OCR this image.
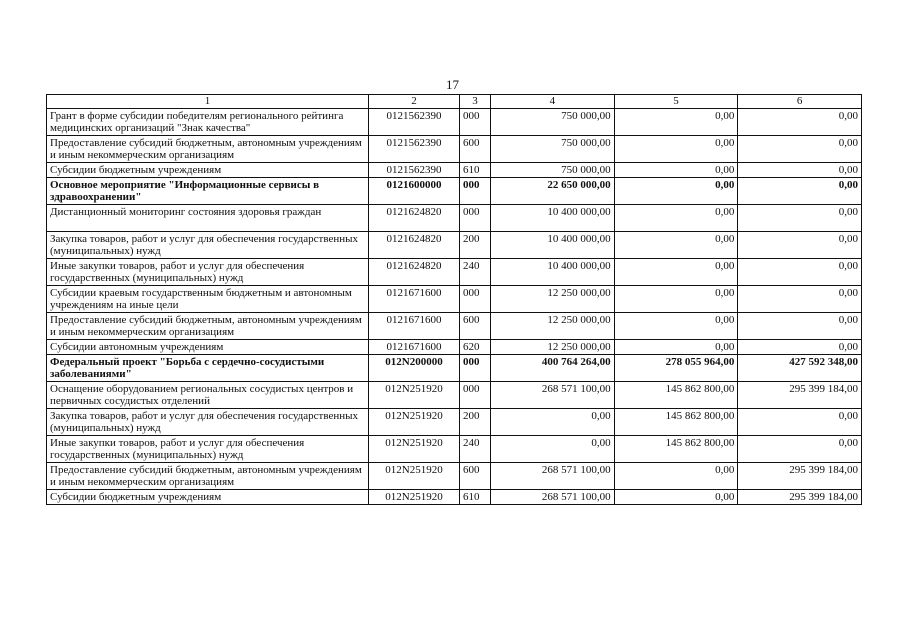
17
1	2	3	4	5	6
Грант в форме субсидии победителям регионального рейтинга медицинских организаций "Знак качества"	0121562390	000	750 000,00	0,00	0,00
Предоставление субсидий бюджетным, автономным учреждениям и иным некоммерческим организациям	0121562390	600	750 000,00	0,00	0,00
Субсидии бюджетным учреждениям	0121562390	610	750 000,00	0,00	0,00
Основное мероприятие "Информационные сервисы в здравоохранении"	0121600000	000	22 650 000,00	0,00	0,00
Дистанционный мониторинг состояния здоровья граждан	0121624820	000	10 400 000,00	0,00	0,00
Закупка товаров, работ и услуг для обеспечения государственных (муниципальных) нужд	0121624820	200	10 400 000,00	0,00	0,00
Иные закупки товаров, работ и услуг для обеспечения государственных (муниципальных) нужд	0121624820	240	10 400 000,00	0,00	0,00
Субсидии краевым государственным бюджетным и автономным учреждениям на иные цели	0121671600	000	12 250 000,00	0,00	0,00
Предоставление субсидий бюджетным, автономным учреждениям и иным некоммерческим организациям	0121671600	600	12 250 000,00	0,00	0,00
Субсидии автономным учреждениям	0121671600	620	12 250 000,00	0,00	0,00
Федеральный проект "Борьба с сердечно-сосудистыми заболеваниями"	012N200000	000	400 764 264,00	278 055 964,00	427 592 348,00
Оснащение оборудованием региональных сосудистых центров и первичных сосудистых отделений	012N251920	000	268 571 100,00	145 862 800,00	295 399 184,00
Закупка товаров, работ и услуг для обеспечения государственных (муниципальных) нужд	012N251920	200	0,00	145 862 800,00	0,00
Иные закупки товаров, работ и услуг для обеспечения государственных (муниципальных) нужд	012N251920	240	0,00	145 862 800,00	0,00
Предоставление субсидий бюджетным, автономным учреждениям и иным некоммерческим организациям	012N251920	600	268 571 100,00	0,00	295 399 184,00
Субсидии бюджетным учреждениям	012N251920	610	268 571 100,00	0,00	295 399 184,00
